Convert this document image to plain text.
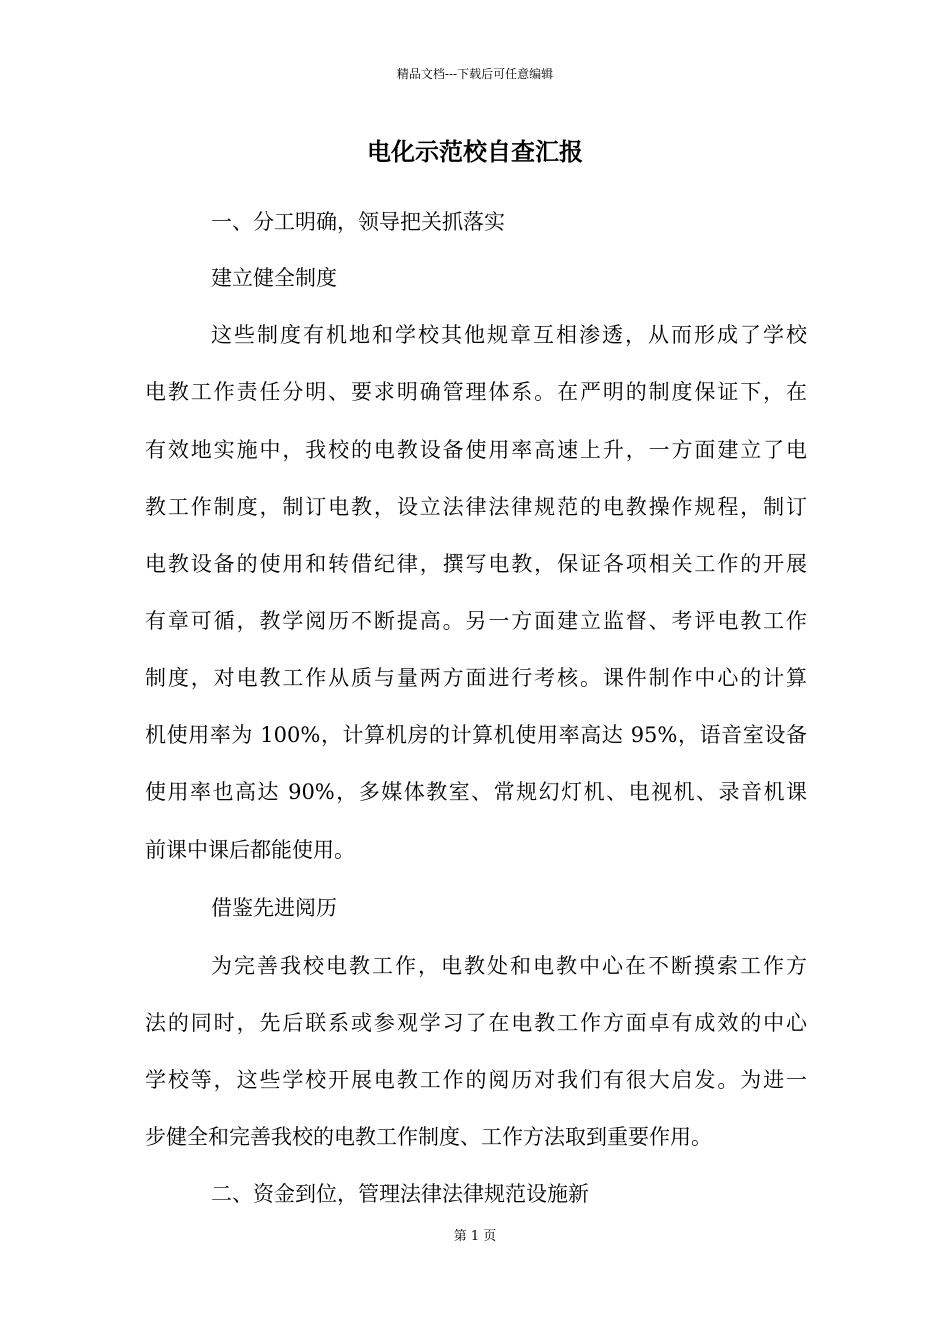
精品文档---下载后可任意编辑
电化示范校自查汇报
一、分工明确，领导把关抓落实
建立健全制度
这些制度有机地和学校其他规章互相渗透，从而形成了学校
电教工作责任分明、要求明确管理体系。在严明的制度保证下，在
有效地实施中，我校的电教设备使用率高速上升，一方面建立了电
教工作制度，制订电教，设立法律法律规范的电教操作规程，制订
电教设备的使用和转借纪律，撰写电教，保证各项相关工作的开展
有章可循，教学阅历不断提高。另一方面建立监督、考评电教工作
制度，对电教工作从质与量两方面进行考核。课件制作中心的计算
机使用率为 100%，计算机房的计算机使用率高达 95%，语音室设备
使用率也高达 90%，多媒体教室、常规幻灯机、电视机、录音机课
前课中课后都能使用。
借鉴先进阅历
为完善我校电教工作，电教处和电教中心在不断摸索工作方
法的同时，先后联系或参观学习了在电教工作方面卓有成效的中心
学校等，这些学校开展电教工作的阅历对我们有很大启发。为进一
步健全和完善我校的电教工作制度、工作方法取到重要作用。
二、资金到位，管理法律法律规范设施新
第 1 页
